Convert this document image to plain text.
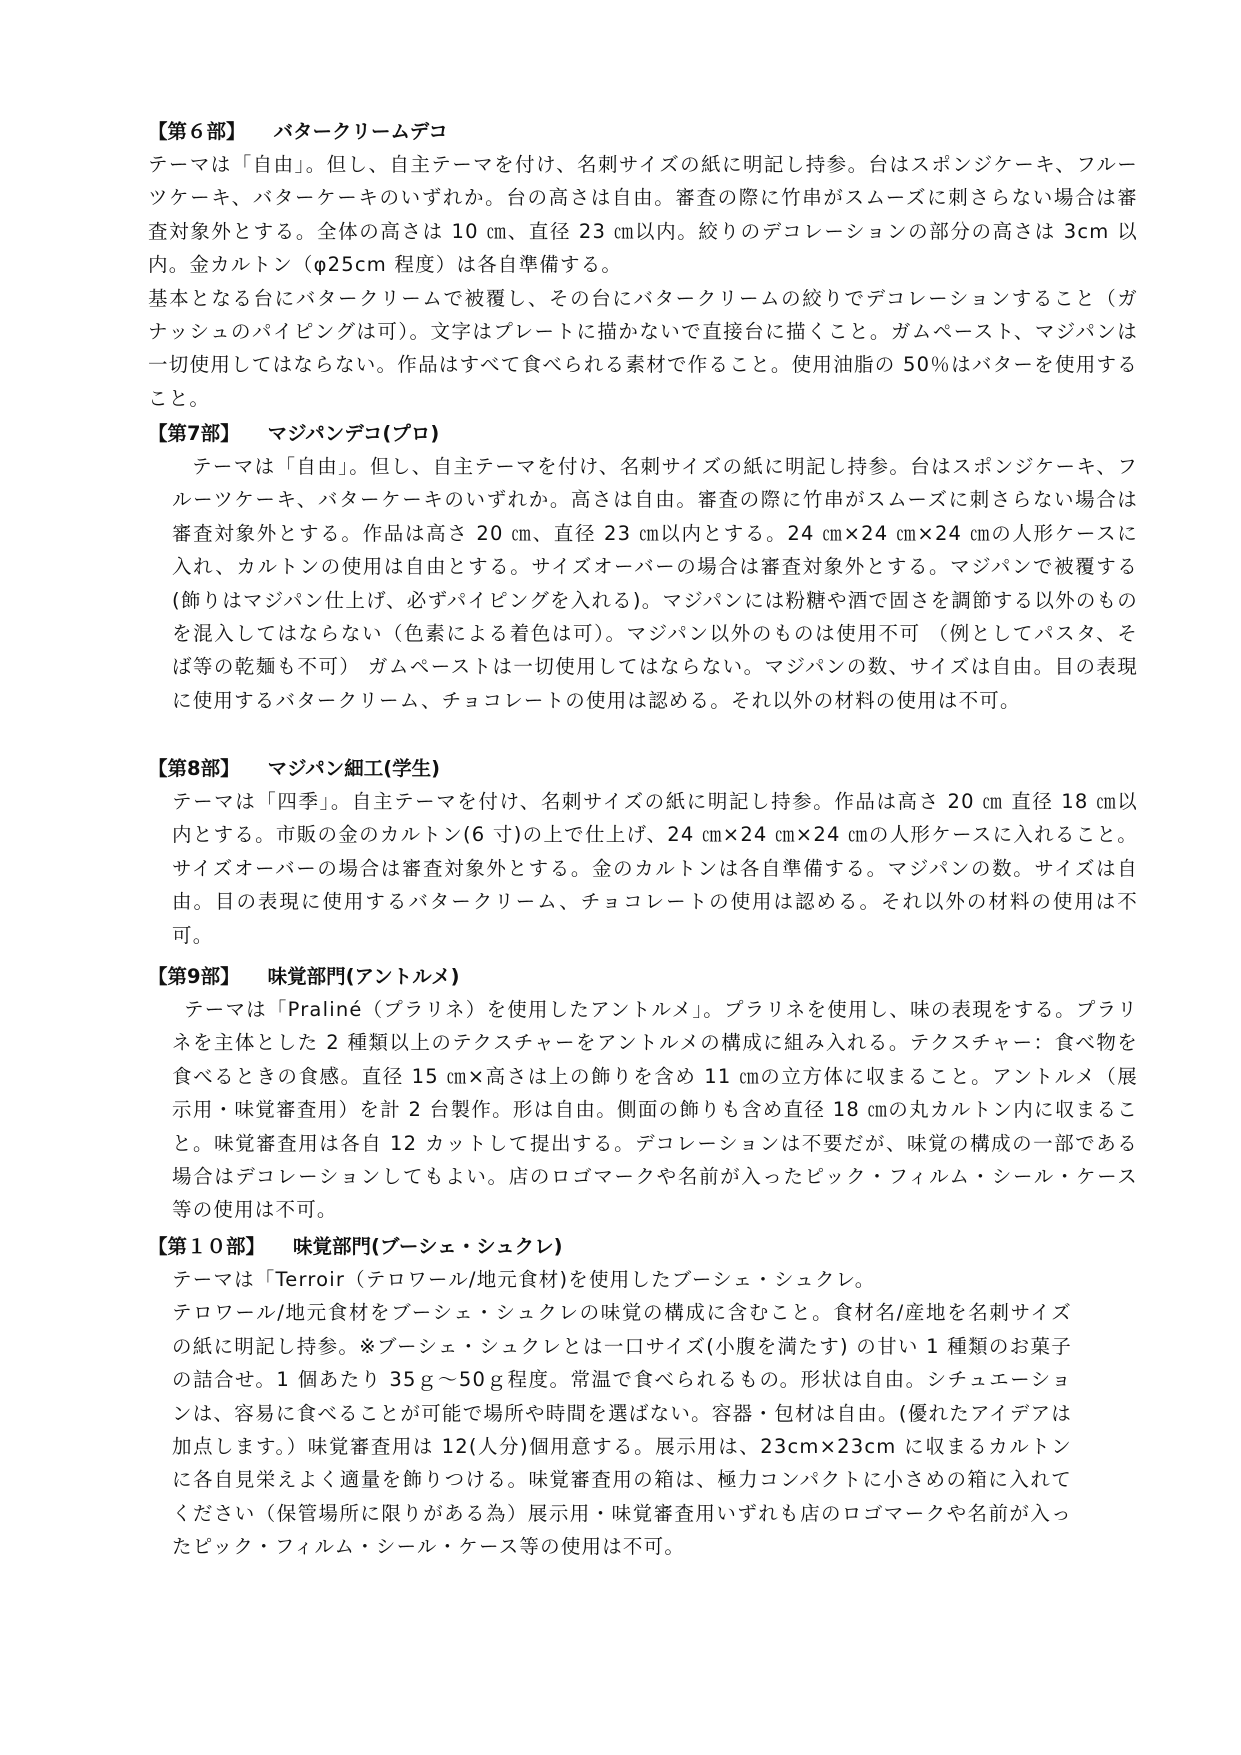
【第６部】 バタークリームデコ

テーマは「自由」。但し、自主テーマを付け、名刺サイズの紙に明記し持参。台はスポンジケーキ、フルーツケーキ、バターケーキのいずれか。台の高さは自由。審査の際に竹串がスムーズに刺さらない場合は審査対象外とする。全体の高さは 10 ㎝、直径 23 ㎝以内。絞りのデコレーションの部分の高さは 3cm 以内。金カルトン（φ25cm 程度）は各自準備する。

基本となる台にバタークリームで被覆し、その台にバタークリームの絞りでデコレーションすること（ガナッシュのパイピングは可）。文字はプレートに描かないで直接台に描くこと。ガムペースト、マジパンは一切使用してはならない。作品はすべて食べられる素材で作ること。使用油脂の 50％はバターを使用すること。

【第7部】 マジパンデコ(プロ)

テーマは「自由」。但し、自主テーマを付け、名刺サイズの紙に明記し持参。台はスポンジケーキ、フルーツケーキ、バターケーキのいずれか。高さは自由。審査の際に竹串がスムーズに刺さらない場合は審査対象外とする。作品は高さ 20 ㎝、直径 23 ㎝以内とする。24 ㎝×24 ㎝×24 ㎝の人形ケースに入れ、カルトンの使用は自由とする。サイズオーバーの場合は審査対象外とする。マジパンで被覆する(飾りはマジパン仕上げ、必ずパイピングを入れる)。マジパンには粉糖や酒で固さを調節する以外のものを混入してはならない（色素による着色は可）。マジパン以外のものは使用不可 （例としてパスタ、そば等の乾麺も不可） ガムペーストは一切使用してはならない。マジパンの数、サイズは自由。目の表現に使用するバタークリーム、チョコレートの使用は認める。それ以外の材料の使用は不可。

【第8部】 マジパン細工(学生)

テーマは「四季」。自主テーマを付け、名刺サイズの紙に明記し持参。作品は高さ 20 ㎝ 直径 18 ㎝以内とする。市販の金のカルトン(6 寸)の上で仕上げ、24 ㎝×24 ㎝×24 ㎝の人形ケースに入れること。サイズオーバーの場合は審査対象外とする。金のカルトンは各自準備する。マジパンの数。サイズは自由。目の表現に使用するバタークリーム、チョコレートの使用は認める。それ以外の材料の使用は不可。

【第9部】 味覚部門(アントルメ)

テーマは「Praliné（プラリネ）を使用したアントルメ」。プラリネを使用し、味の表現をする。プラリネを主体とした 2 種類以上のテクスチャーをアントルメの構成に組み入れる。テクスチャー：食べ物を食べるときの食感。直径 15 ㎝×高さは上の飾りを含め 11 ㎝の立方体に収まること。アントルメ（展示用・味覚審査用）を計 2 台製作。形は自由。側面の飾りも含め直径 18 ㎝の丸カルトン内に収まること。味覚審査用は各自 12 カットして提出する。デコレーションは不要だが、味覚の構成の一部である場合はデコレーションしてもよい。店のロゴマークや名前が入ったピック・フィルム・シール・ケース等の使用は不可。

【第１０部】 味覚部門(ブーシェ・シュクレ)

テーマは「Terroir（テロワール/地元食材)を使用したブーシェ・シュクレ。

テロワール/地元食材をブーシェ・シュクレの味覚の構成に含むこと。食材名/産地を名刺サイズの紙に明記し持参。※ブーシェ・シュクレとは一口サイズ(小腹を満たす) の甘い 1 種類のお菓子の詰合せ。1 個あたり 35ｇ～50ｇ程度。常温で食べられるもの。形状は自由。シチュエーションは、容易に食べることが可能で場所や時間を選ばない。容器・包材は自由。(優れたアイデアは加点します。）味覚審査用は 12(人分)個用意する。展示用は、23cm×23cm に収まるカルトンに各自見栄えよく適量を飾りつける。味覚審査用の箱は、極力コンパクトに小さめの箱に入れてください（保管場所に限りがある為）展示用・味覚審査用いずれも店のロゴマークや名前が入ったピック・フィルム・シール・ケース等の使用は不可。
